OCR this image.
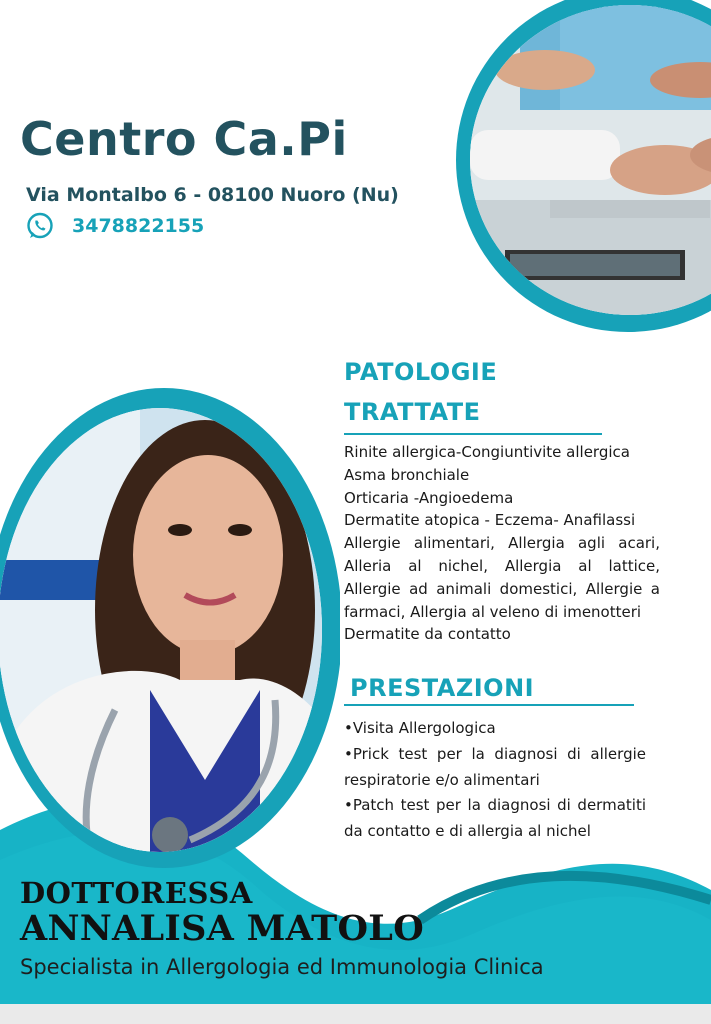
Centro Ca.Pi
Via Montalbo 6 - 08100 Nuoro (Nu)
3478822155
PATOLOGIE
TRATTATE
Rinite allergica-Congiuntivite allergica
Asma bronchiale
Orticaria -Angioedema
Dermatite atopica - Eczema- Anafilassi
Allergie alimentari, Allergia agli acari, Alleria al nichel, Allergia al lattice, Allergie ad animali domestici, Allergie a farmaci, Allergia al veleno di imenotteri
Dermatite da contatto
PRESTAZIONI
•Visita Allergologica
•Prick test per la diagnosi di allergie respiratorie e/o alimentari
•Patch test per la diagnosi di dermatiti da contatto e di allergia al nichel
DOTTORESSA
ANNALISA MATOLO
Specialista in Allergologia ed Immunologia Clinica
